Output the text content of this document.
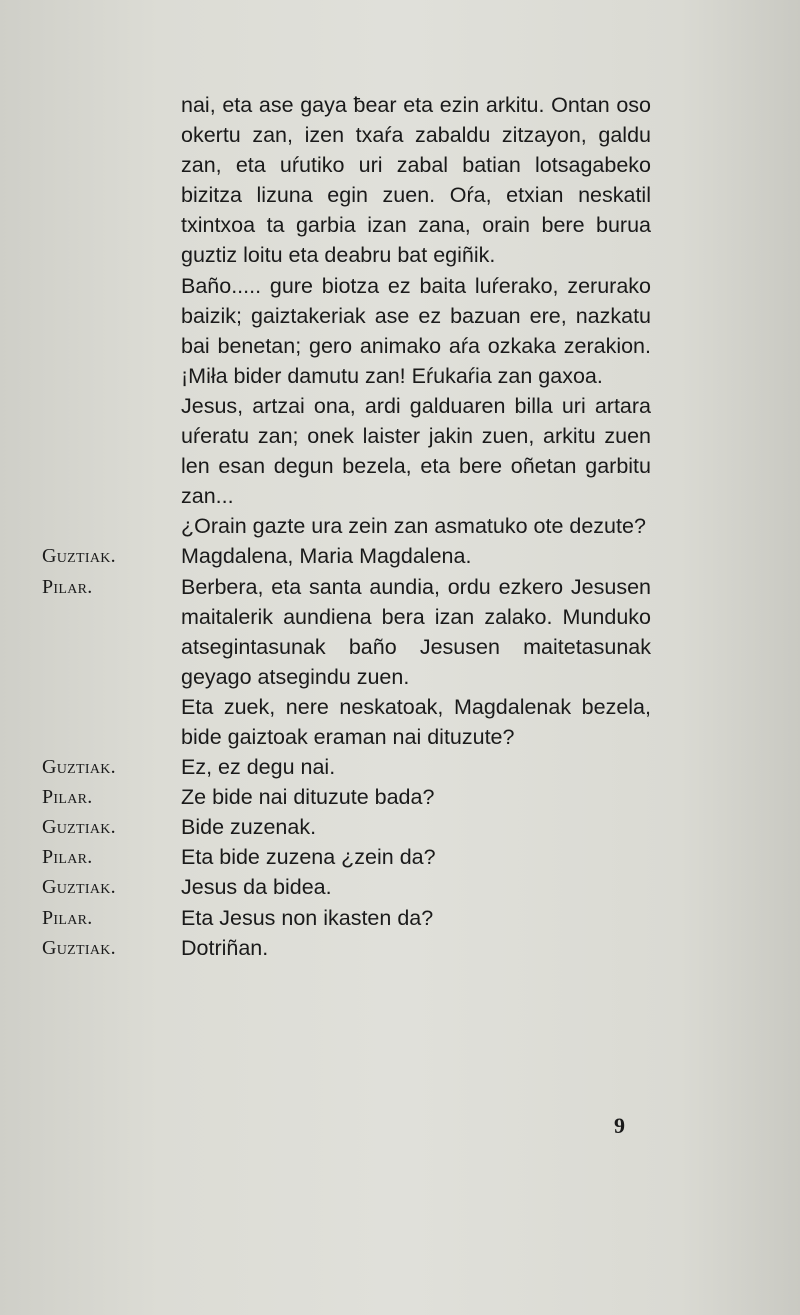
nai, eta ase gaya ƀear eta ezin arkitu. Ontan oso okertu zan, izen txaŕa zabaldu zitzayon, galdu zan, eta uŕutiko uri zabal batian lotsagabeko bizitza lizuna egin zuen. Oŕa, etxian neskatil txintxoa ta garbia izan zana, orain bere burua guztiz loitu eta deabru bat egiñik.

Baño..... gure biotza ez baita luŕerako, zerurako baizik; gaiztakeriak ase ez bazuan ere, nazkatu bai benetan; gero animako aŕa ozkaka zerakion. ¡Miła bider damutu zan! Eŕukaŕia zan gaxoa.

Jesus, artzai ona, ardi galduaren billa uri artara uŕeratu zan; onek laister jakin zuen, arkitu zuen len esan degun bezela, eta bere oñetan garbitu zan...

¿Orain gazte ura zein zan asmatuko ote dezute?

Guztiak.	Magdalena, Maria Magdalena.

Pilar.	Berbera, eta santa aundia, ordu ezkero Jesusen maitalerik aundiena bera izan zalako. Munduko atsegintasunak baño Jesusen maitetasunak geyago atsegindu zuen.

Eta zuek, nere neskatoak, Magdalenak bezela, bide gaiztoak eraman nai dituzute?

Guztiak.	Ez, ez degu nai.

Pilar.	Ze bide nai dituzute bada?

Guztiak.	Bide zuzenak.

Pilar.	Eta bide zuzena ¿zein da?

Guztiak.	Jesus da bidea.

Pilar.	Eta Jesus non ikasten da?

Guztiak.	Dotriñan.

9
